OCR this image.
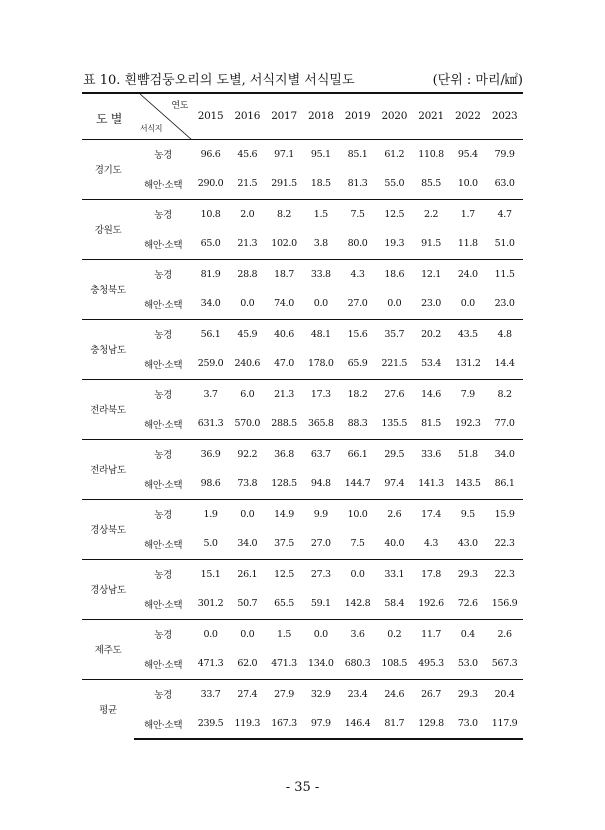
표 10. 흰뺨검둥오리의 도별, 서식지별 서식밀도	(단위 : 마리/㎢)
도 별
연도
서식지		2015	2016	2017	2018	2019	2020	2021	2022	2023
경기도	농경	96.6	45.6	97.1	95.1	85.1	61.2	110.8	95.4	79.9
	해안·소택	290.0	21.5	291.5	18.5	81.3	55.0	85.5	10.0	63.0
강원도	농경	10.8	2.0	8.2	1.5	7.5	12.5	2.2	1.7	4.7
	해안·소택	65.0	21.3	102.0	3.8	80.0	19.3	91.5	11.8	51.0
충청북도	농경	81.9	28.8	18.7	33.8	4.3	18.6	12.1	24.0	11.5
	해안·소택	34.0	0.0	74.0	0.0	27.0	0.0	23.0	0.0	23.0
충청남도	농경	56.1	45.9	40.6	48.1	15.6	35.7	20.2	43.5	4.8
	해안·소택	259.0	240.6	47.0	178.0	65.9	221.5	53.4	131.2	14.4
전라북도	농경	3.7	6.0	21.3	17.3	18.2	27.6	14.6	7.9	8.2
	해안·소택	631.3	570.0	288.5	365.8	88.3	135.5	81.5	192.3	77.0
전라남도	농경	36.9	92.2	36.8	63.7	66.1	29.5	33.6	51.8	34.0
	해안·소택	98.6	73.8	128.5	94.8	144.7	97.4	141.3	143.5	86.1
경상북도	농경	1.9	0.0	14.9	9.9	10.0	2.6	17.4	9.5	15.9
	해안·소택	5.0	34.0	37.5	27.0	7.5	40.0	4.3	43.0	22.3
경상남도	농경	15.1	26.1	12.5	27.3	0.0	33.1	17.8	29.3	22.3
	해안·소택	301.2	50.7	65.5	59.1	142.8	58.4	192.6	72.6	156.9
제주도	농경	0.0	0.0	1.5	0.0	3.6	0.2	11.7	0.4	2.6
	해안·소택	471.3	62.0	471.3	134.0	680.3	108.5	495.3	53.0	567.3
평균	농경	33.7	27.4	27.9	32.9	23.4	24.6	26.7	29.3	20.4
	해안·소택	239.5	119.3	167.3	97.9	146.4	81.7	129.8	73.0	117.9
- 35 -
